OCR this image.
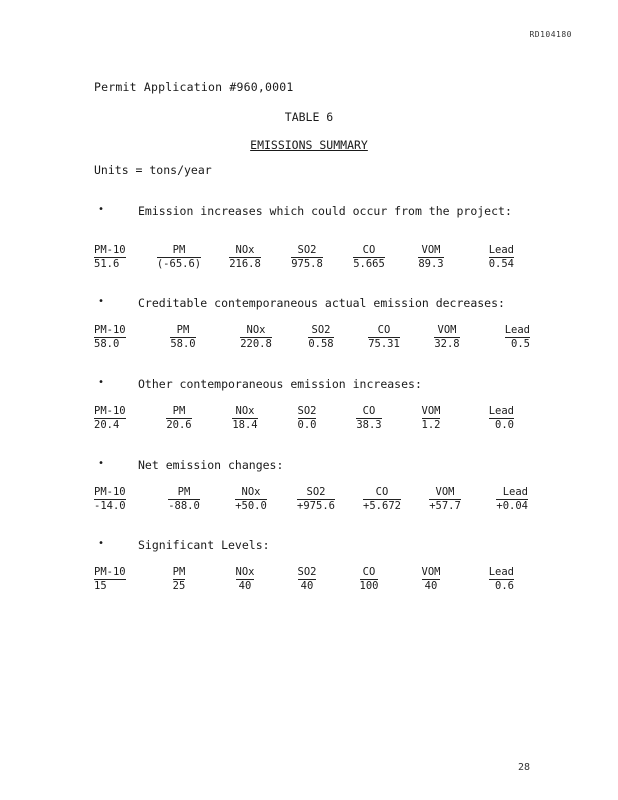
RD104180
Permit Application #960,0001
TABLE 6
EMISSIONS SUMMARY
Units = tons/year
•	Emission increases which could occur from the project:
PM-10	PM	NOx	SO2	CO	VOM	Lead
51.6	(-65.6)	216.8	975.8	5.665	89.3	0.54
•	Creditable contemporaneous actual emission decreases:
PM-10	PM	NOx	SO2	CO	VOM	Lead
58.0	58.0	220.8	0.58	75.31	32.8	0.5
•	Other contemporaneous emission increases:
PM-10	PM	NOx	SO2	CO	VOM	Lead
20.4	20.6	18.4	0.0	38.3	1.2	0.0
•	Net emission changes:
PM-10	PM	NOx	SO2	CO	VOM	Lead
-14.0	-88.0	+50.0	+975.6	+5.672	+57.7	+0.04
•	Significant Levels:
PM-10	PM	NOx	SO2	CO	VOM	Lead
15	25	40	40	100	40	0.6
28
